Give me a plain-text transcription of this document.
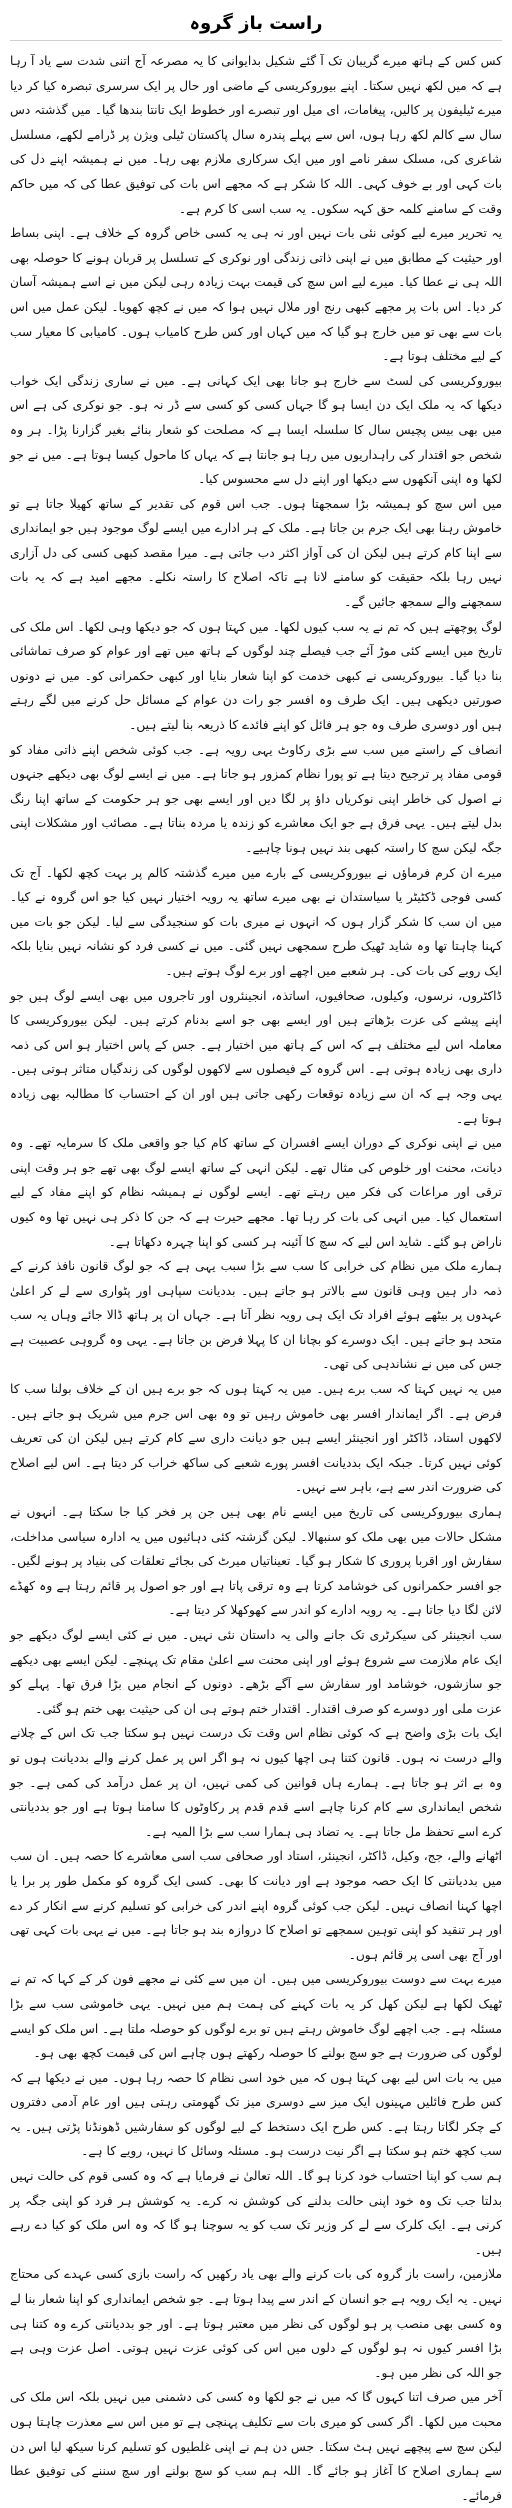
راست باز گروہ

کس کس کے ہاتھ میرے گریبان تک آ گئے شکیل بدایوانی کا یہ مصرعہ آج اتنی شدت سے یاد آ رہا ہے کہ میں لکھ نہیں سکتا۔ اپنے بیوروکریسی کے ماضی اور حال پر ایک سرسری تبصرہ کیا کر دیا میرے ٹیلیفون پر کالیں، پیغامات، ای میل اور تبصرے اور خطوط ایک تانتا بندھا گیا۔ میں گذشتہ دس سال سے کالم لکھ رہا ہوں، اس سے پہلے پندرہ سال پاکستان ٹیلی ویژن پر ڈرامے لکھے، مسلسل شاعری کی، مسلک سفر نامے اور میں ایک سرکاری ملازم بھی رہا۔ میں نے ہمیشہ اپنے دل کی بات کہی اور بے خوف کہی۔ اللہ کا شکر ہے کہ مجھے اس بات کی توفیق عطا کی کہ میں حاکم وقت کے سامنے کلمہ حق کہہ سکوں۔ یہ سب اسی کا کرم ہے۔

یہ تحریر میرے لیے کوئی نئی بات نہیں اور نہ ہی یہ کسی خاص گروہ کے خلاف ہے۔ اپنی بساط اور حیثیت کے مطابق میں نے اپنی ذاتی زندگی اور نوکری کے تسلسل پر قربان ہونے کا حوصلہ بھی اللہ ہی نے عطا کیا۔ میرے لیے اس سچ کی قیمت بہت زیادہ رہی لیکن میں نے اسے ہمیشہ آسان کر دیا۔ اس بات پر مجھے کبھی رنج اور ملال نہیں ہوا کہ میں نے کچھ کھویا۔ لیکن عمل میں اس بات سے بھی تو میں خارج ہو گیا کہ میں کہاں اور کس طرح کامیاب ہوں۔ کامیابی کا معیار سب کے لیے مختلف ہوتا ہے۔

بیوروکریسی کی لسٹ سے خارج ہو جانا بھی ایک کہانی ہے۔ میں نے ساری زندگی ایک خواب دیکھا کہ یہ ملک ایک دن ایسا ہو گا جہاں کسی کو کسی سے ڈر نہ ہو۔ جو نوکری کی ہے اس میں بھی بیس پچیس سال کا سلسلہ ایسا ہے کہ مصلحت کو شعار بنائے بغیر گزارنا پڑا۔ ہر وہ شخص جو اقتدار کی راہداریوں میں رہا ہو جانتا ہے کہ یہاں کا ماحول کیسا ہوتا ہے۔ میں نے جو لکھا وہ اپنی آنکھوں سے دیکھا اور اپنے دل سے محسوس کیا۔

میں اس سچ کو ہمیشہ بڑا سمجھتا ہوں۔ جب اس قوم کی تقدیر کے ساتھ کھیلا جاتا ہے تو خاموش رہنا بھی ایک جرم بن جاتا ہے۔ ملک کے ہر ادارے میں ایسے لوگ موجود ہیں جو ایمانداری سے اپنا کام کرتے ہیں لیکن ان کی آواز اکثر دب جاتی ہے۔ میرا مقصد کبھی کسی کی دل آزاری نہیں رہا بلکہ حقیقت کو سامنے لانا ہے تاکہ اصلاح کا راستہ نکلے۔ مجھے امید ہے کہ یہ بات سمجھنے والے سمجھ جائیں گے۔

لوگ پوچھتے ہیں کہ تم نے یہ سب کیوں لکھا۔ میں کہتا ہوں کہ جو دیکھا وہی لکھا۔ اس ملک کی تاریخ میں ایسے کئی موڑ آئے جب فیصلے چند لوگوں کے ہاتھ میں تھے اور عوام کو صرف تماشائی بنا دیا گیا۔ بیوروکریسی نے کبھی خدمت کو اپنا شعار بنایا اور کبھی حکمرانی کو۔ میں نے دونوں صورتیں دیکھی ہیں۔ ایک طرف وہ افسر جو رات دن عوام کے مسائل حل کرنے میں لگے رہتے ہیں اور دوسری طرف وہ جو ہر فائل کو اپنے فائدے کا ذریعہ بنا لیتے ہیں۔

انصاف کے راستے میں سب سے بڑی رکاوٹ یہی رویہ ہے۔ جب کوئی شخص اپنے ذاتی مفاد کو قومی مفاد پر ترجیح دیتا ہے تو پورا نظام کمزور ہو جاتا ہے۔ میں نے ایسے لوگ بھی دیکھے جنہوں نے اصول کی خاطر اپنی نوکریاں داؤ پر لگا دیں اور ایسے بھی جو ہر حکومت کے ساتھ اپنا رنگ بدل لیتے ہیں۔ یہی فرق ہے جو ایک معاشرے کو زندہ یا مردہ بناتا ہے۔ مصائب اور مشکلات اپنی جگہ لیکن سچ کا راستہ کبھی بند نہیں ہونا چاہیے۔

میرے ان کرم فرماؤں نے بیوروکریسی کے بارے میں میرے گذشتہ کالم پر بہت کچھ لکھا۔ آج تک کسی فوجی ڈکٹیٹر یا سیاستدان نے بھی میرے ساتھ یہ رویہ اختیار نہیں کیا جو اس گروہ نے کیا۔ میں ان سب کا شکر گزار ہوں کہ انہوں نے میری بات کو سنجیدگی سے لیا۔ لیکن جو بات میں کہنا چاہتا تھا وہ شاید ٹھیک طرح سمجھی نہیں گئی۔ میں نے کسی فرد کو نشانہ نہیں بنایا بلکہ ایک رویے کی بات کی۔ ہر شعبے میں اچھے اور برے لوگ ہوتے ہیں۔

ڈاکٹروں، نرسوں، وکیلوں، صحافیوں، اساتذہ، انجینئروں اور تاجروں میں بھی ایسے لوگ ہیں جو اپنے پیشے کی عزت بڑھاتے ہیں اور ایسے بھی جو اسے بدنام کرتے ہیں۔ لیکن بیوروکریسی کا معاملہ اس لیے مختلف ہے کہ اس کے ہاتھ میں اختیار ہے۔ جس کے پاس اختیار ہو اس کی ذمہ داری بھی زیادہ ہوتی ہے۔ اس گروہ کے فیصلوں سے لاکھوں لوگوں کی زندگیاں متاثر ہوتی ہیں۔ یہی وجہ ہے کہ ان سے زیادہ توقعات رکھی جاتی ہیں اور ان کے احتساب کا مطالبہ بھی زیادہ ہوتا ہے۔

میں نے اپنی نوکری کے دوران ایسے افسران کے ساتھ کام کیا جو واقعی ملک کا سرمایہ تھے۔ وہ دیانت، محنت اور خلوص کی مثال تھے۔ لیکن انہی کے ساتھ ایسے لوگ بھی تھے جو ہر وقت اپنی ترقی اور مراعات کی فکر میں رہتے تھے۔ ایسے لوگوں نے ہمیشہ نظام کو اپنے مفاد کے لیے استعمال کیا۔ میں انہی کی بات کر رہا تھا۔ مجھے حیرت ہے کہ جن کا ذکر ہی نہیں تھا وہ کیوں ناراض ہو گئے۔ شاید اس لیے کہ سچ کا آئینہ ہر کسی کو اپنا چہرہ دکھاتا ہے۔

ہمارے ملک میں نظام کی خرابی کا سب سے بڑا سبب یہی ہے کہ جو لوگ قانون نافذ کرنے کے ذمہ دار ہیں وہی قانون سے بالاتر ہو جاتے ہیں۔ بددیانت سپاہی اور پٹواری سے لے کر اعلیٰ عہدوں پر بیٹھے ہوئے افراد تک ایک ہی رویہ نظر آتا ہے۔ جہاں ان پر ہاتھ ڈالا جائے وہاں یہ سب متحد ہو جاتے ہیں۔ ایک دوسرے کو بچانا ان کا پہلا فرض بن جاتا ہے۔ یہی وہ گروہی عصبیت ہے جس کی میں نے نشاندہی کی تھی۔

میں یہ نہیں کہتا کہ سب برے ہیں۔ میں یہ کہتا ہوں کہ جو برے ہیں ان کے خلاف بولنا سب کا فرض ہے۔ اگر ایماندار افسر بھی خاموش رہیں تو وہ بھی اس جرم میں شریک ہو جاتے ہیں۔ لاکھوں استاد، ڈاکٹر اور انجینئر ایسے ہیں جو دیانت داری سے کام کرتے ہیں لیکن ان کی تعریف کوئی نہیں کرتا۔ جبکہ ایک بددیانت افسر پورے شعبے کی ساکھ خراب کر دیتا ہے۔ اس لیے اصلاح کی ضرورت اندر سے ہے، باہر سے نہیں۔

ہماری بیوروکریسی کی تاریخ میں ایسے نام بھی ہیں جن پر فخر کیا جا سکتا ہے۔ انہوں نے مشکل حالات میں بھی ملک کو سنبھالا۔ لیکن گزشتہ کئی دہائیوں میں یہ ادارہ سیاسی مداخلت، سفارش اور اقربا پروری کا شکار ہو گیا۔ تعیناتیاں میرٹ کی بجائے تعلقات کی بنیاد پر ہونے لگیں۔ جو افسر حکمرانوں کی خوشامد کرتا ہے وہ ترقی پاتا ہے اور جو اصول پر قائم رہتا ہے وہ کھڈے لائن لگا دیا جاتا ہے۔ یہ رویہ ادارے کو اندر سے کھوکھلا کر دیتا ہے۔

سب انجینئر کی سیکرٹری تک جانے والی یہ داستان نئی نہیں۔ میں نے کئی ایسے لوگ دیکھے جو ایک عام ملازمت سے شروع ہوئے اور اپنی محنت سے اعلیٰ مقام تک پہنچے۔ لیکن ایسے بھی دیکھے جو سازشوں، خوشامد اور سفارش سے آگے بڑھے۔ دونوں کے انجام میں بڑا فرق تھا۔ پہلے کو عزت ملی اور دوسرے کو صرف اقتدار۔ اقتدار ختم ہوتے ہی ان کی حیثیت بھی ختم ہو گئی۔

ایک بات بڑی واضح ہے کہ کوئی نظام اس وقت تک درست نہیں ہو سکتا جب تک اس کے چلانے والے درست نہ ہوں۔ قانون کتنا ہی اچھا کیوں نہ ہو اگر اس پر عمل کرنے والے بددیانت ہوں تو وہ بے اثر ہو جاتا ہے۔ ہمارے ہاں قوانین کی کمی نہیں، ان پر عمل درآمد کی کمی ہے۔ جو شخص ایمانداری سے کام کرنا چاہے اسے قدم قدم پر رکاوٹوں کا سامنا ہوتا ہے اور جو بددیانتی کرے اسے تحفظ مل جاتا ہے۔ یہ تضاد ہی ہمارا سب سے بڑا المیہ ہے۔

اٹھانے والے، جج، وکیل، ڈاکٹر، انجینئر، استاد اور صحافی سب اسی معاشرے کا حصہ ہیں۔ ان سب میں بددیانتی کا ایک حصہ موجود ہے اور دیانت کا بھی۔ کسی ایک گروہ کو مکمل طور پر برا یا اچھا کہنا انصاف نہیں۔ لیکن جب کوئی گروہ اپنے اندر کی خرابی کو تسلیم کرنے سے انکار کر دے اور ہر تنقید کو اپنی توہین سمجھے تو اصلاح کا دروازہ بند ہو جاتا ہے۔ میں نے یہی بات کہی تھی اور آج بھی اسی پر قائم ہوں۔

میرے بہت سے دوست بیوروکریسی میں ہیں۔ ان میں سے کئی نے مجھے فون کر کے کہا کہ تم نے ٹھیک لکھا ہے لیکن کھل کر یہ بات کہنے کی ہمت ہم میں نہیں۔ یہی خاموشی سب سے بڑا مسئلہ ہے۔ جب اچھے لوگ خاموش رہتے ہیں تو برے لوگوں کو حوصلہ ملتا ہے۔ اس ملک کو ایسے لوگوں کی ضرورت ہے جو سچ بولنے کا حوصلہ رکھتے ہوں چاہے اس کی قیمت کچھ بھی ہو۔

میں یہ بات اس لیے بھی کہتا ہوں کہ میں خود اسی نظام کا حصہ رہا ہوں۔ میں نے دیکھا ہے کہ کس طرح فائلیں مہینوں ایک میز سے دوسری میز تک گھومتی رہتی ہیں اور عام آدمی دفتروں کے چکر لگاتا رہتا ہے۔ کس طرح ایک دستخط کے لیے لوگوں کو سفارشیں ڈھونڈنا پڑتی ہیں۔ یہ سب کچھ ختم ہو سکتا ہے اگر نیت درست ہو۔ مسئلہ وسائل کا نہیں، رویے کا ہے۔

ہم سب کو اپنا احتساب خود کرنا ہو گا۔ اللہ تعالیٰ نے فرمایا ہے کہ وہ کسی قوم کی حالت نہیں بدلتا جب تک وہ خود اپنی حالت بدلنے کی کوشش نہ کرے۔ یہ کوشش ہر فرد کو اپنی جگہ پر کرنی ہے۔ ایک کلرک سے لے کر وزیر تک سب کو یہ سوچنا ہو گا کہ وہ اس ملک کو کیا دے رہے ہیں۔

ملازمین، راست باز گروہ کی بات کرنے والے بھی یاد رکھیں کہ راست بازی کسی عہدے کی محتاج نہیں۔ یہ ایک رویہ ہے جو انسان کے اندر سے پیدا ہوتا ہے۔ جو شخص ایمانداری کو اپنا شعار بنا لے وہ کسی بھی منصب پر ہو لوگوں کی نظر میں معتبر ہوتا ہے۔ اور جو بددیانتی کرے وہ کتنا ہی بڑا افسر کیوں نہ ہو لوگوں کے دلوں میں اس کی کوئی عزت نہیں ہوتی۔ اصل عزت وہی ہے جو اللہ کی نظر میں ہو۔

آخر میں صرف اتنا کہوں گا کہ میں نے جو لکھا وہ کسی کی دشمنی میں نہیں بلکہ اس ملک کی محبت میں لکھا۔ اگر کسی کو میری بات سے تکلیف پہنچی ہے تو میں اس سے معذرت چاہتا ہوں لیکن سچ سے پیچھے نہیں ہٹ سکتا۔ جس دن ہم نے اپنی غلطیوں کو تسلیم کرنا سیکھ لیا اس دن سے ہماری اصلاح کا آغاز ہو جائے گا۔ اللہ ہم سب کو سچ بولنے اور سچ سننے کی توفیق عطا فرمائے۔
